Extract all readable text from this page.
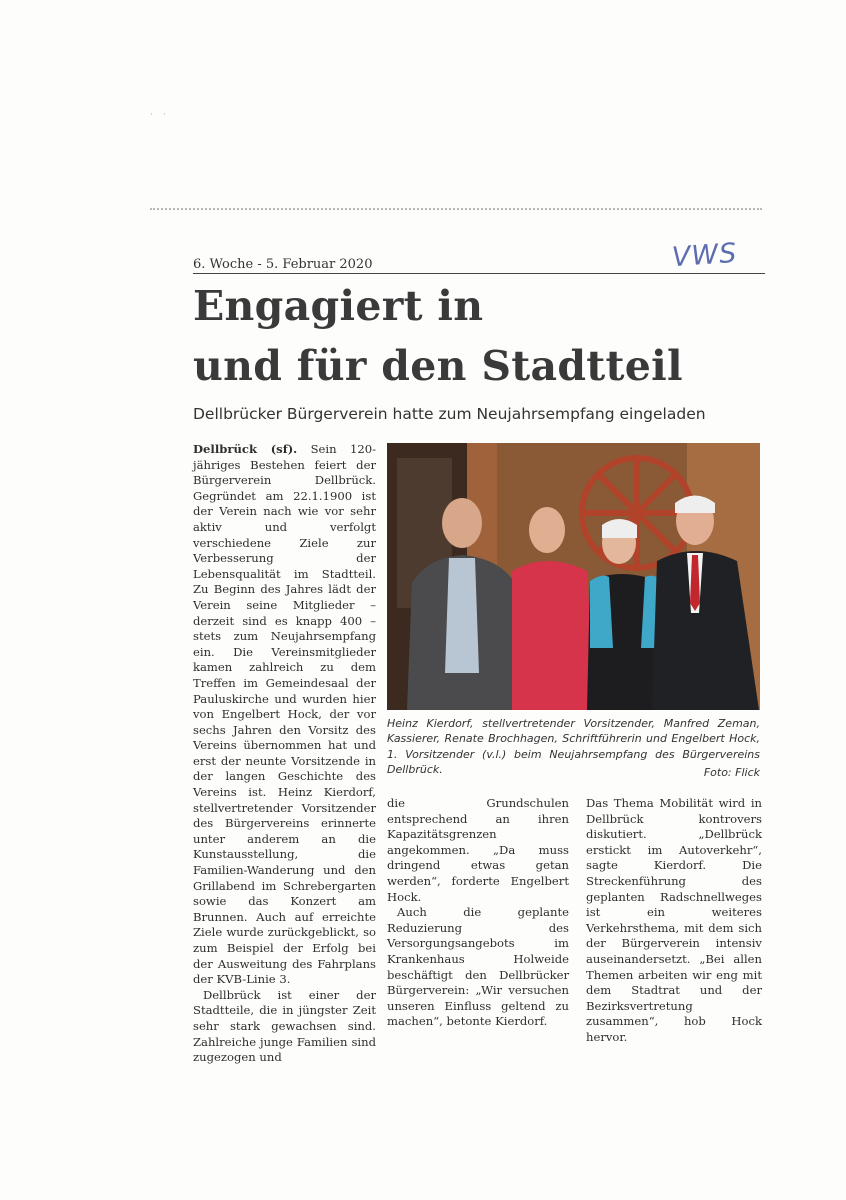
· ·
6. Woche - 5. Februar 2020	VWS
Engagiert in
und für den Stadtteil

Dellbrücker Bürgerverein hatte zum Neujahrsempfang eingeladen

Dellbrück (sf). Sein 120-jähriges Bestehen feiert der Bürgerverein Dellbrück. Gegründet am 22.1.1900 ist der Verein nach wie vor sehr aktiv und verfolgt verschiedene Ziele zur Verbesserung der Lebensqualität im Stadtteil. Zu Beginn des Jahres lädt der Verein seine Mitglieder – derzeit sind es knapp 400 – stets zum Neujahrsempfang ein. Die Vereinsmitglieder kamen zahlreich zu dem Treffen im Gemeindesaal der Pauluskirche und wurden hier von Engelbert Hock, der vor sechs Jahren den Vorsitz des Vereins übernommen hat und erst der neunte Vorsitzende in der langen Geschichte des Vereins ist. Heinz Kierdorf, stellvertretender Vorsitzender des Bürgervereins erinnerte unter anderem an die Kunstausstellung, die Familien-Wanderung und den Grillabend im Schrebergarten sowie das Konzert am Brunnen. Auch auf erreichte Ziele wurde zurückgeblickt, so zum Beispiel der Erfolg bei der Ausweitung des Fahrplans der KVB-Linie 3.

Dellbrück ist einer der Stadtteile, die in jüngster Zeit sehr stark gewachsen sind. Zahlreiche junge Familien sind zugezogen und

Heinz Kierdorf, stellvertretender Vorsitzender, Manfred Zeman, Kassierer, Renate Brochhagen, Schriftführerin und Engelbert Hock, 1. Vorsitzender (v.l.) beim Neujahrsempfang des Bürgervereins Dellbrück.	Foto: Flick

die Grundschulen entsprechend an ihren Kapazitätsgrenzen angekommen. „Da muss dringend etwas getan werden“, forderte Engelbert Hock.

Auch die geplante Reduzierung des Versorgungsangebots im Krankenhaus Holweide beschäftigt den Dellbrücker Bürgerverein: „Wir versuchen unseren Einfluss geltend zu machen“, betonte Kierdorf.

Das Thema Mobilität wird in Dellbrück kontrovers diskutiert. „Dellbrück erstickt im Autoverkehr“, sagte Kierdorf. Die Streckenführung des geplanten Radschnellweges ist ein weiteres Verkehrsthema, mit dem sich der Bürgerverein intensiv auseinandersetzt. „Bei allen Themen arbeiten wir eng mit dem Stadtrat und der Bezirksvertretung zusammen“, hob Hock hervor.
